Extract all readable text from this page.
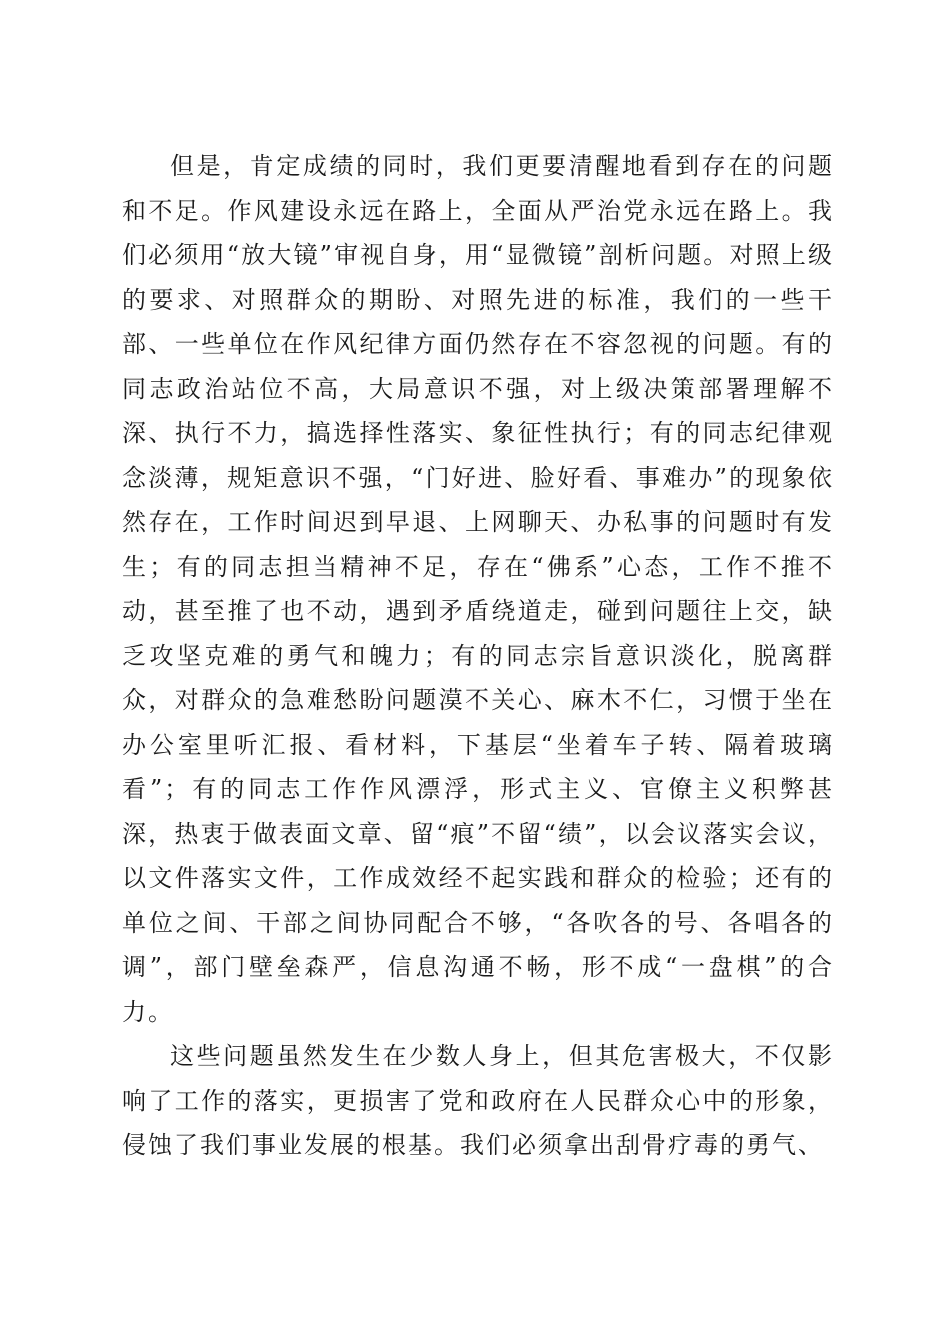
但是，肯定成绩的同时，我们更要清醒地看到存在的问题和不足。作风建设永远在路上，全面从严治党永远在路上。我们必须用“放大镜”审视自身，用“显微镜”剖析问题。对照上级的要求、对照群众的期盼、对照先进的标准，我们的一些干部、一些单位在作风纪律方面仍然存在不容忽视的问题。有的同志政治站位不高，大局意识不强，对上级决策部署理解不深、执行不力，搞选择性落实、象征性执行；有的同志纪律观念淡薄，规矩意识不强，“门好进、脸好看、事难办”的现象依然存在，工作时间迟到早退、上网聊天、办私事的问题时有发生；有的同志担当精神不足，存在“佛系”心态，工作不推不动，甚至推了也不动，遇到矛盾绕道走，碰到问题往上交，缺乏攻坚克难的勇气和魄力；有的同志宗旨意识淡化，脱离群众，对群众的急难愁盼问题漠不关心、麻木不仁，习惯于坐在办公室里听汇报、看材料，下基层“坐着车子转、隔着玻璃看”；有的同志工作作风漂浮，形式主义、官僚主义积弊甚深，热衷于做表面文章、留“痕”不留“绩”，以会议落实会议，以文件落实文件，工作成效经不起实践和群众的检验；还有的单位之间、干部之间协同配合不够，“各吹各的号、各唱各的调”，部门壁垒森严，信息沟通不畅，形不成“一盘棋”的合力。

这些问题虽然发生在少数人身上，但其危害极大，不仅影响了工作的落实，更损害了党和政府在人民群众心中的形象，侵蚀了我们事业发展的根基。我们必须拿出刮骨疗毒的勇气、
